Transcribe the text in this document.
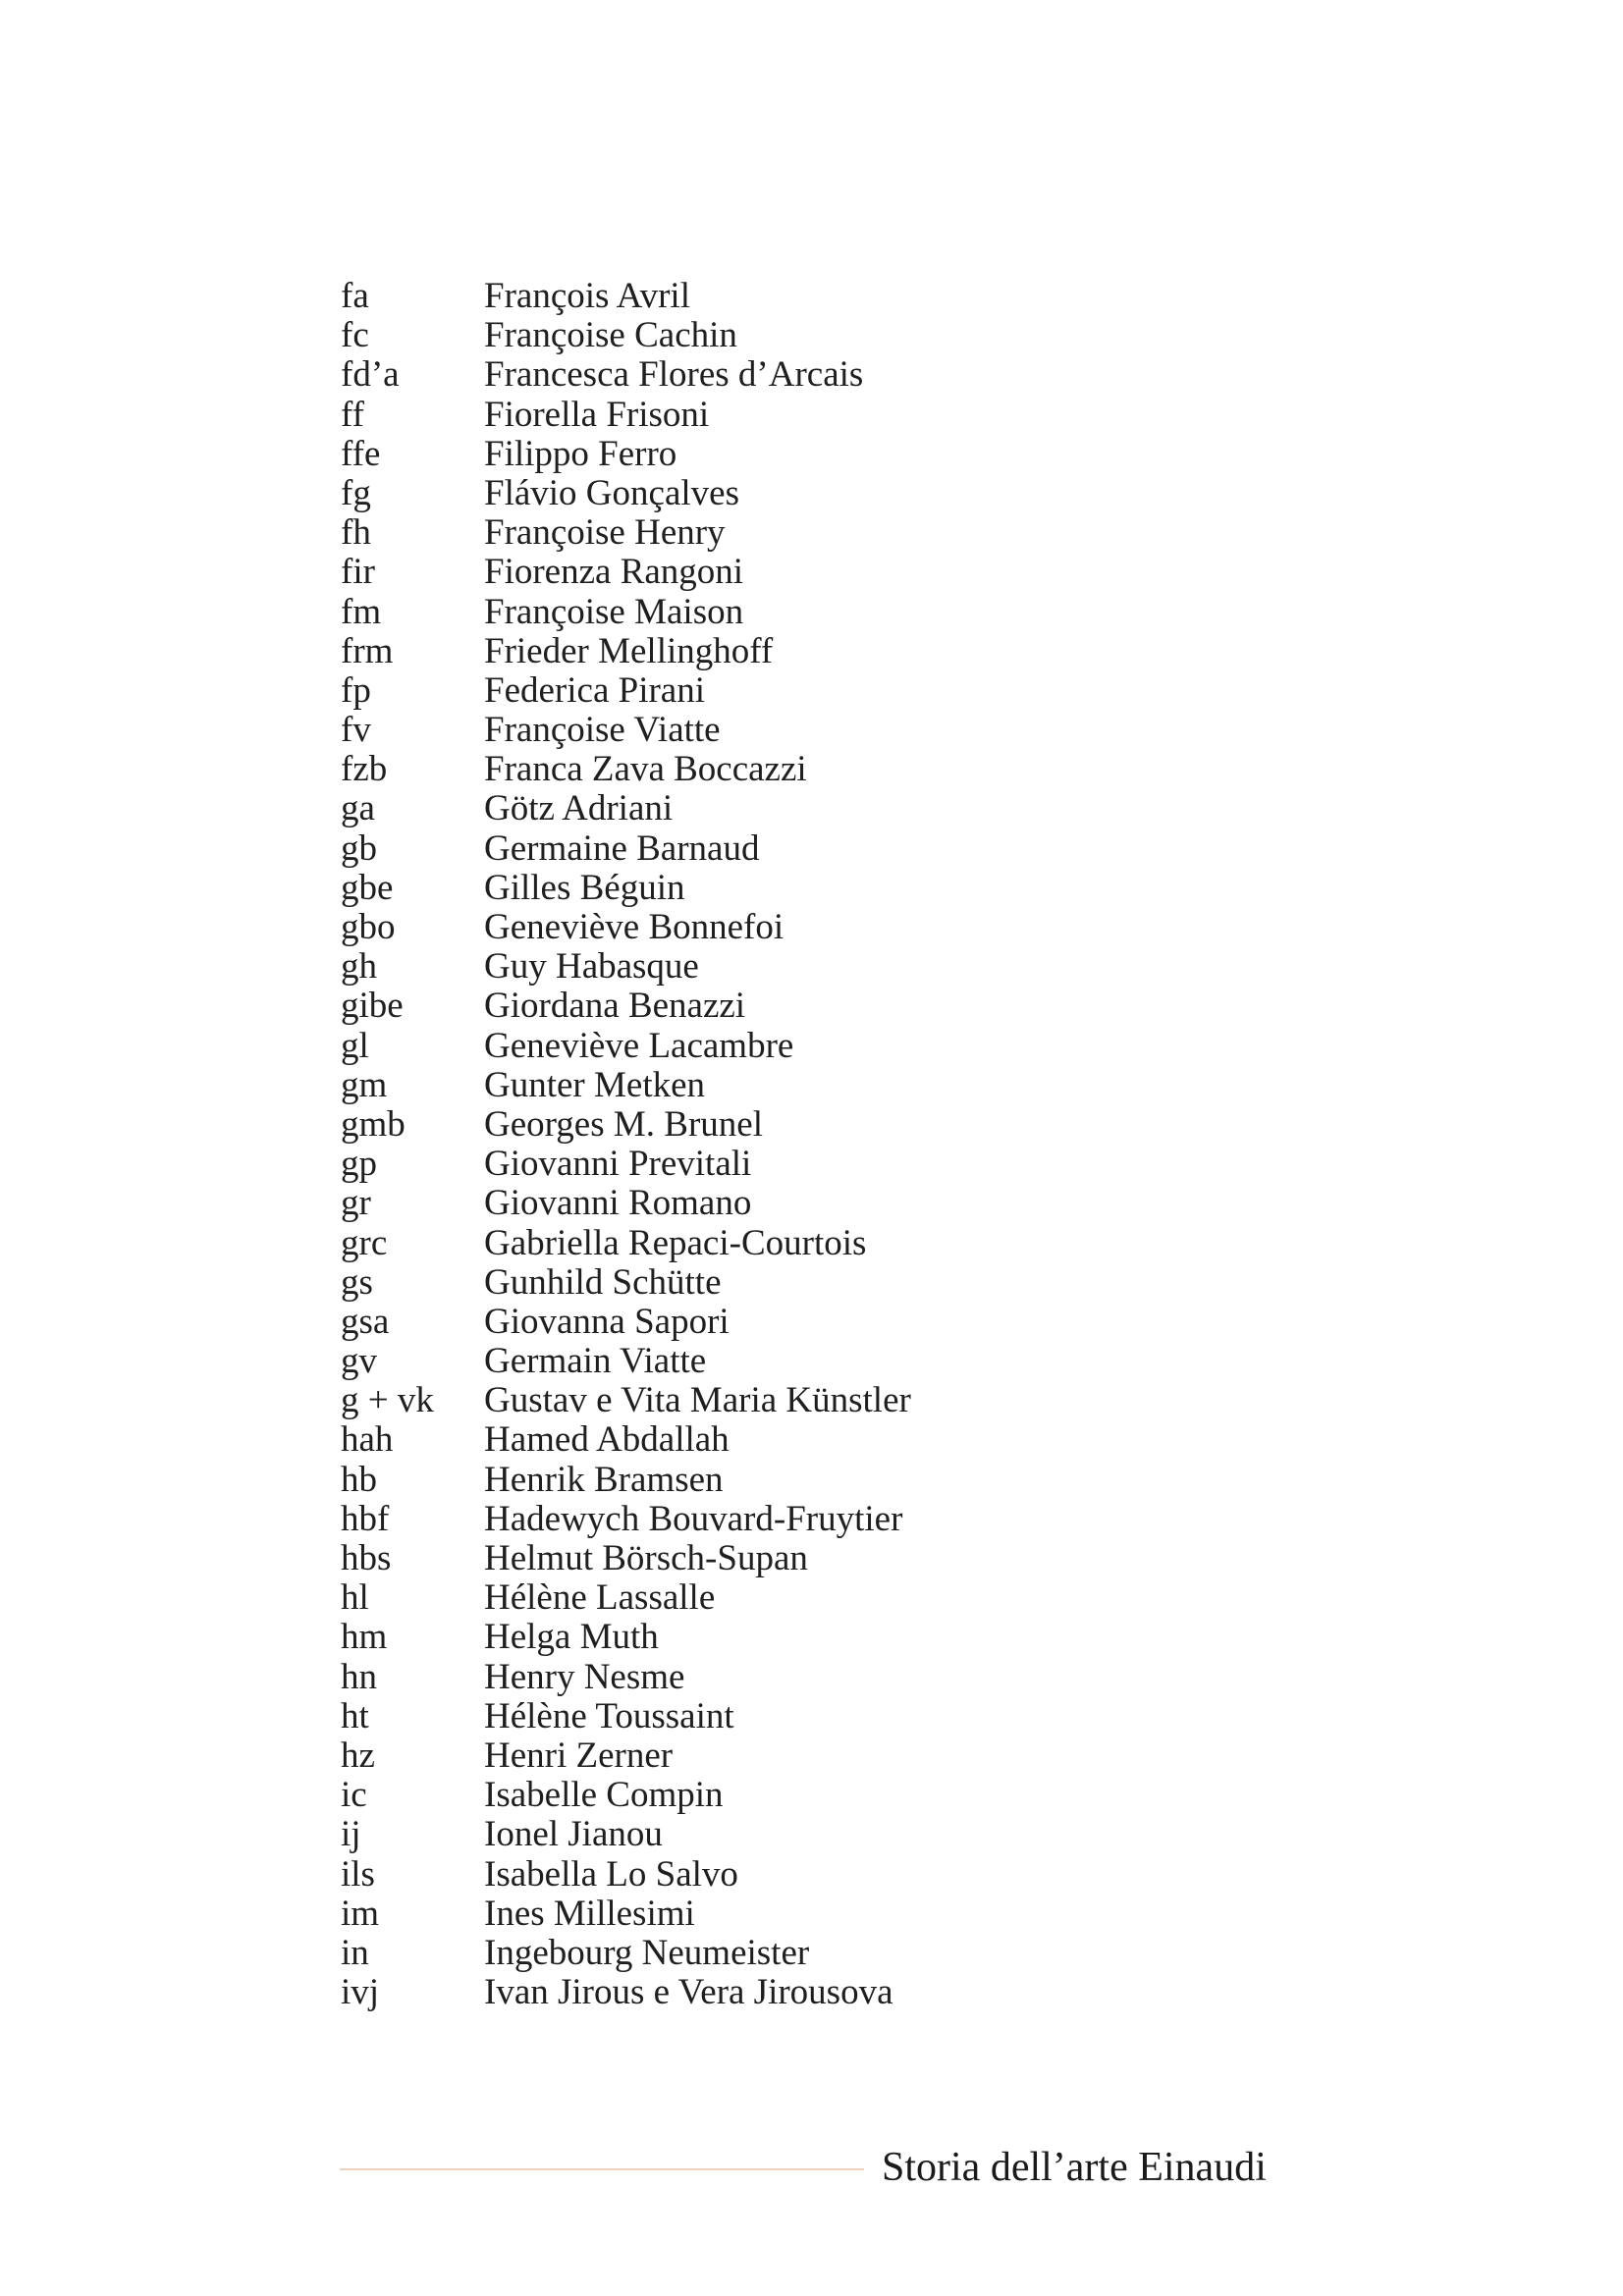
fa	François Avril
fc	Françoise Cachin
fd’a	Francesca Flores d’Arcais
ff	Fiorella Frisoni
ffe	Filippo Ferro
fg	Flávio Gonçalves
fh	Françoise Henry
fir	Fiorenza Rangoni
fm	Françoise Maison
frm	Frieder Mellinghoff
fp	Federica Pirani
fv	Françoise Viatte
fzb	Franca Zava Boccazzi
ga	Götz Adriani
gb	Germaine Barnaud
gbe	Gilles Béguin
gbo	Geneviève Bonnefoi
gh	Guy Habasque
gibe	Giordana Benazzi
gl	Geneviève Lacambre
gm	Gunter Metken
gmb	Georges M. Brunel
gp	Giovanni Previtali
gr	Giovanni Romano
grc	Gabriella Repaci-Courtois
gs	Gunhild Schütte
gsa	Giovanna Sapori
gv	Germain Viatte
g + vk	Gustav e Vita Maria Künstler
hah	Hamed Abdallah
hb	Henrik Bramsen
hbf	Hadewych Bouvard-Fruytier
hbs	Helmut Börsch-Supan
hl	Hélène Lassalle
hm	Helga Muth
hn	Henry Nesme
ht	Hélène Toussaint
hz	Henri Zerner
ic	Isabelle Compin
ij	Ionel Jianou
ils	Isabella Lo Salvo
im	Ines Millesimi
in	Ingebourg Neumeister
ivj	Ivan Jirous e Vera Jirousova
Storia dell’arte Einaudi
